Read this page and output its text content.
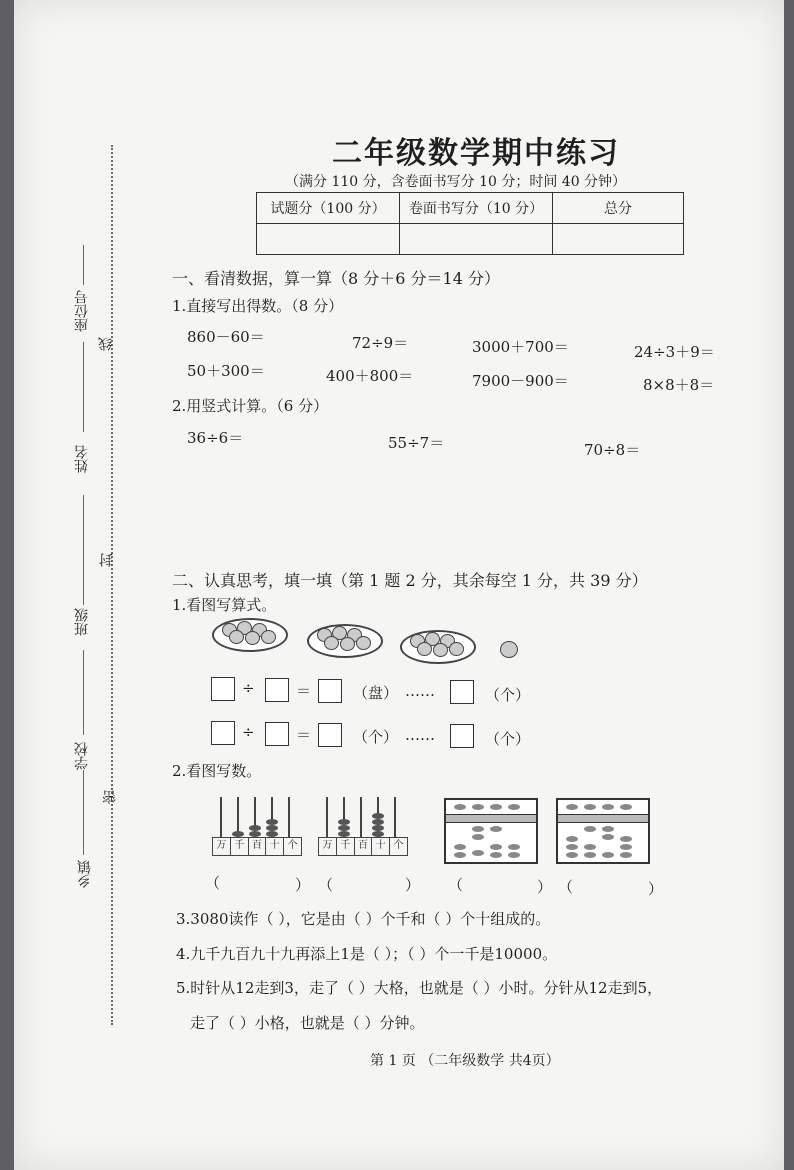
座位号
线
姓名
封
班级
学校
密
乡镇
二年级数学期中练习
（满分 110 分，含卷面书写分 10 分；时间 40 分钟）
试题分（100 分）	卷面书写分（10 分）	总分

一、看清数据，算一算（8 分＋6 分＝14 分）
1.直接写出得数。（8 分）
860－60＝	72÷9＝	3000＋700＝	24÷3＋9＝
50＋300＝	400＋800＝	7900－900＝	8×8＋8＝
2.用竖式计算。（6 分）
36÷6＝	55÷7＝	70÷8＝
二、认真思考，填一填（第 1 题 2 分，其余每空 1 分，共 39 分）
1.看图写算式。
÷	＝	（盘） ……	（个）
÷	＝	（个） ……	（个）
2.看图写数。
万 千 百 十 个	万 千 百 十 个
（	） （	） （	） （	）
3.3080读作（ ），它是由（ ）个千和（ ）个十组成的。
4.九千九百九十九再添上1是（ ）；（ ）个一千是10000。
5.时针从12走到3，走了（ ）大格，也就是（ ）小时。分针从12走到5，
走了（ ）小格，也就是（ ）分钟。
第 1 页 （二年级数学 共4页）
